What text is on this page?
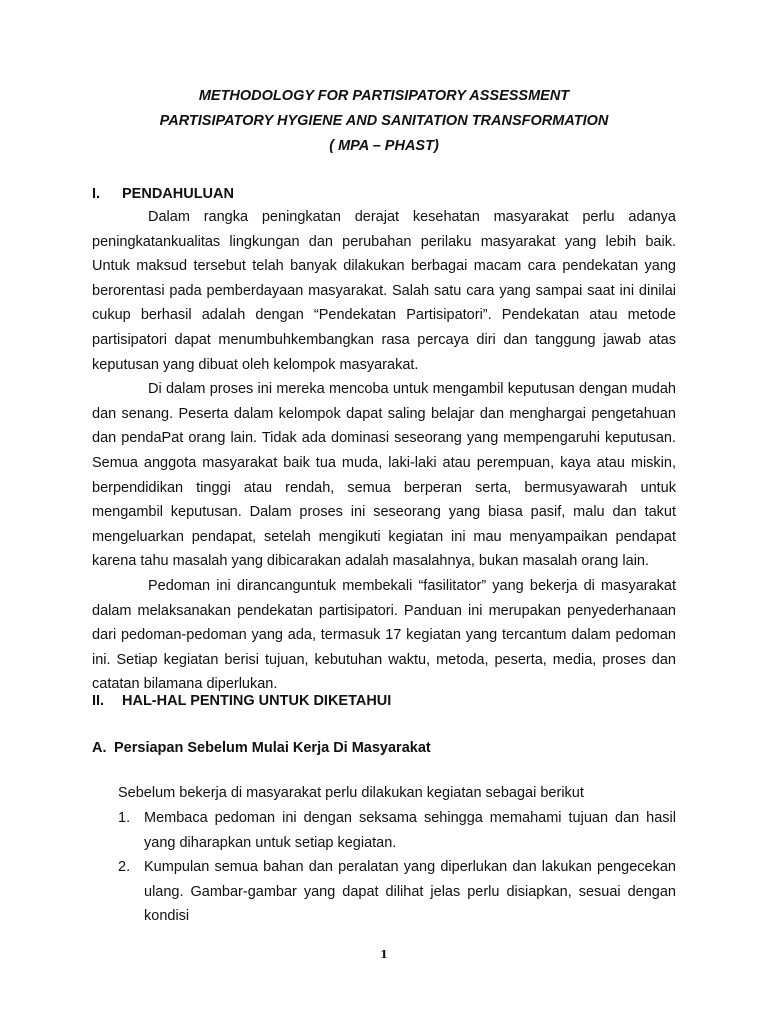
METHODOLOGY FOR PARTISIPATORY ASSESSMENT
PARTISIPATORY HYGIENE AND SANITATION TRANSFORMATION
( MPA – PHAST)
I. PENDAHULUAN

Dalam rangka peningkatan derajat kesehatan masyarakat perlu adanya peningkatankualitas lingkungan dan perubahan perilaku masyarakat yang lebih baik. Untuk maksud tersebut telah banyak dilakukan berbagai macam cara pendekatan yang berorentasi pada pemberdayaan masyarakat. Salah satu cara yang sampai saat ini dinilai cukup berhasil adalah dengan “Pendekatan Partisipatori”. Pendekatan atau metode partisipatori dapat menumbuhkembangkan rasa percaya diri dan tanggung jawab atas keputusan yang dibuat oleh kelompok masyarakat.

Di dalam proses ini mereka mencoba untuk mengambil keputusan dengan mudah dan senang. Peserta dalam kelompok dapat saling belajar dan menghargai pengetahuan dan pendaPat orang lain. Tidak ada dominasi seseorang yang mempengaruhi keputusan. Semua anggota masyarakat baik tua muda, laki-laki atau perempuan, kaya atau miskin, berpendidikan tinggi atau rendah, semua berperan serta, bermusyawarah untuk mengambil keputusan. Dalam proses ini seseorang yang biasa pasif, malu dan takut mengeluarkan pendapat, setelah mengikuti kegiatan ini mau menyampaikan pendapat karena tahu masalah yang dibicarakan adalah masalahnya, bukan masalah orang lain.

Pedoman ini dirancanguntuk membekali “fasilitator” yang bekerja di masyarakat dalam melaksanakan pendekatan partisipatori. Panduan ini merupakan penyederhanaan dari pedoman-pedoman yang ada, termasuk 17 kegiatan yang tercantum dalam pedoman ini. Setiap kegiatan berisi tujuan, kebutuhan waktu, metoda, peserta, media, proses dan catatan bilamana diperlukan.

II. HAL-HAL PENTING UNTUK DIKETAHUI
A. Persiapan Sebelum Mulai Kerja Di Masyarakat

Sebelum bekerja di masyarakat perlu dilakukan kegiatan sebagai berikut

1. Membaca pedoman ini dengan seksama sehingga memahami tujuan dan hasil yang diharapkan untuk setiap kegiatan.
2. Kumpulan semua bahan dan peralatan yang diperlukan dan lakukan pengecekan ulang. Gambar-gambar yang dapat dilihat jelas perlu disiapkan, sesuai dengan kondisi

1
